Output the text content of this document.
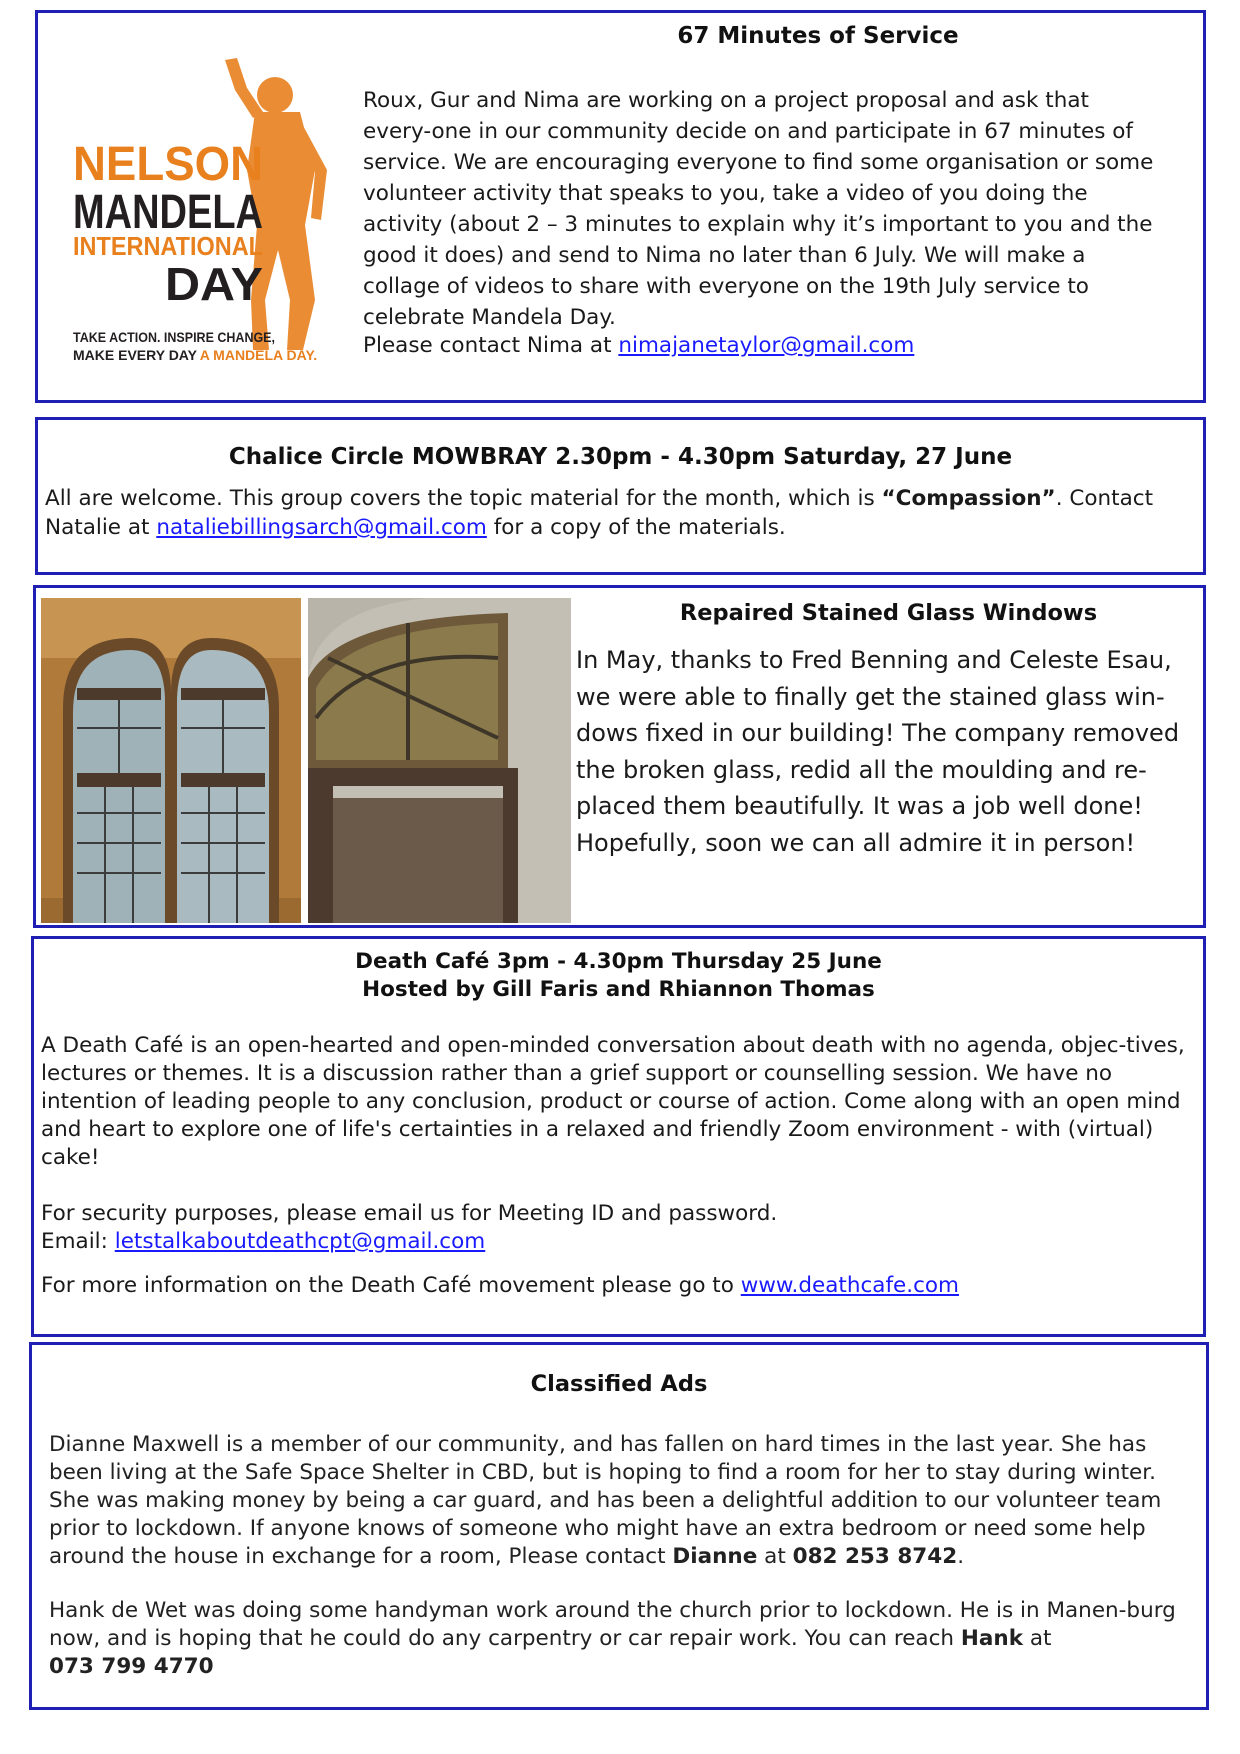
67 Minutes of Service
NELSON
MANDELA
INTERNATIONAL
DAY
TAKE ACTION. INSPIRE CHANGE,
MAKE EVERY DAY A MANDELA DAY.

Roux, Gur and Nima are working on a project proposal and ask that every-one in our community decide on and participate in 67 minutes of service. We are encouraging everyone to find some organisation or some volunteer activity that speaks to you, take a video of you doing the activity (about 2 – 3 minutes to explain why it’s important to you and the good it does) and send to Nima no later than 6 July. We will make a collage of videos to share with everyone on the 19th July service to celebrate Mandela Day.

Please contact Nima at nimajanetaylor@gmail.com

Chalice Circle MOWBRAY 2.30pm - 4.30pm Saturday, 27 June

All are welcome. This group covers the topic material for the month, which is “Compassion”. Contact Natalie at nataliebillingsarch@gmail.com for a copy of the materials.

Repaired Stained Glass Windows

In May, thanks to Fred Benning and Celeste Esau, we were able to finally get the stained glass win-dows fixed in our building! The company removed the broken glass, redid all the moulding and re-placed them beautifully. It was a job well done! Hopefully, soon we can all admire it in person!

Death Café 3pm - 4.30pm Thursday 25 June
Hosted by Gill Faris and Rhiannon Thomas

A Death Café is an open-hearted and open-minded conversation about death with no agenda, objec-tives, lectures or themes. It is a discussion rather than a grief support or counselling session. We have no intention of leading people to any conclusion, product or course of action. Come along with an open mind and heart to explore one of life's certainties in a relaxed and friendly Zoom environment - with (virtual) cake!

For security purposes, please email us for Meeting ID and password.
Email: letstalkaboutdeathcpt@gmail.com

For more information on the Death Café movement please go to www.deathcafe.com

Classified Ads

Dianne Maxwell is a member of our community, and has fallen on hard times in the last year. She has been living at the Safe Space Shelter in CBD, but is hoping to find a room for her to stay during winter. She was making money by being a car guard, and has been a delightful addition to our volunteer team prior to lockdown. If anyone knows of someone who might have an extra bedroom or need some help around the house in exchange for a room, Please contact Dianne at 082 253 8742.

Hank de Wet was doing some handyman work around the church prior to lockdown. He is in Manen-burg now, and is hoping that he could do any carpentry or car repair work. You can reach Hank at
073 799 4770
